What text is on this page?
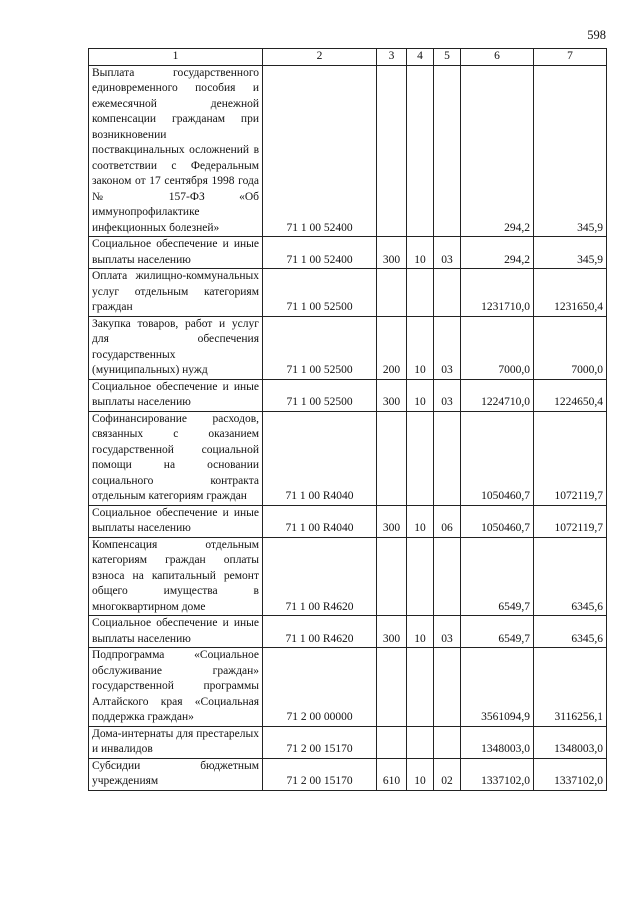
598
1	2	3	4	5	6	7
Выплата государственного единовременного пособия и ежемесячной денежной компенсации гражданам при возникновении поствакцинальных осложнений в соответствии с Федеральным законом от 17 сентября 1998 года № 157-ФЗ «Об иммунопрофилактике инфекционных болезней»	71 1 00 52400				294,2	345,9
Социальное обеспечение и иные выплаты населению	71 1 00 52400	300	10	03	294,2	345,9
Оплата жилищно-коммунальных услуг отдельным категориям граждан	71 1 00 52500				1231710,0	1231650,4
Закупка товаров, работ и услуг для обеспечения государственных (муниципальных) нужд	71 1 00 52500	200	10	03	7000,0	7000,0
Социальное обеспечение и иные выплаты населению	71 1 00 52500	300	10	03	1224710,0	1224650,4
Софинансирование расходов, связанных с оказанием государственной социальной помощи на основании социального контракта отдельным категориям граждан	71 1 00 R4040				1050460,7	1072119,7
Социальное обеспечение и иные выплаты населению	71 1 00 R4040	300	10	06	1050460,7	1072119,7
Компенсация отдельным категориям граждан оплаты взноса на капитальный ремонт общего имущества в многоквартирном доме	71 1 00 R4620				6549,7	6345,6
Социальное обеспечение и иные выплаты населению	71 1 00 R4620	300	10	03	6549,7	6345,6
Подпрограмма «Социальное обслуживание граждан» государственной программы Алтайского края «Социальная поддержка граждан»	71 2 00 00000				3561094,9	3116256,1
Дома-интернаты для престарелых и инвалидов	71 2 00 15170				1348003,0	1348003,0
Субсидии бюджетным учреждениям	71 2 00 15170	610	10	02	1337102,0	1337102,0
